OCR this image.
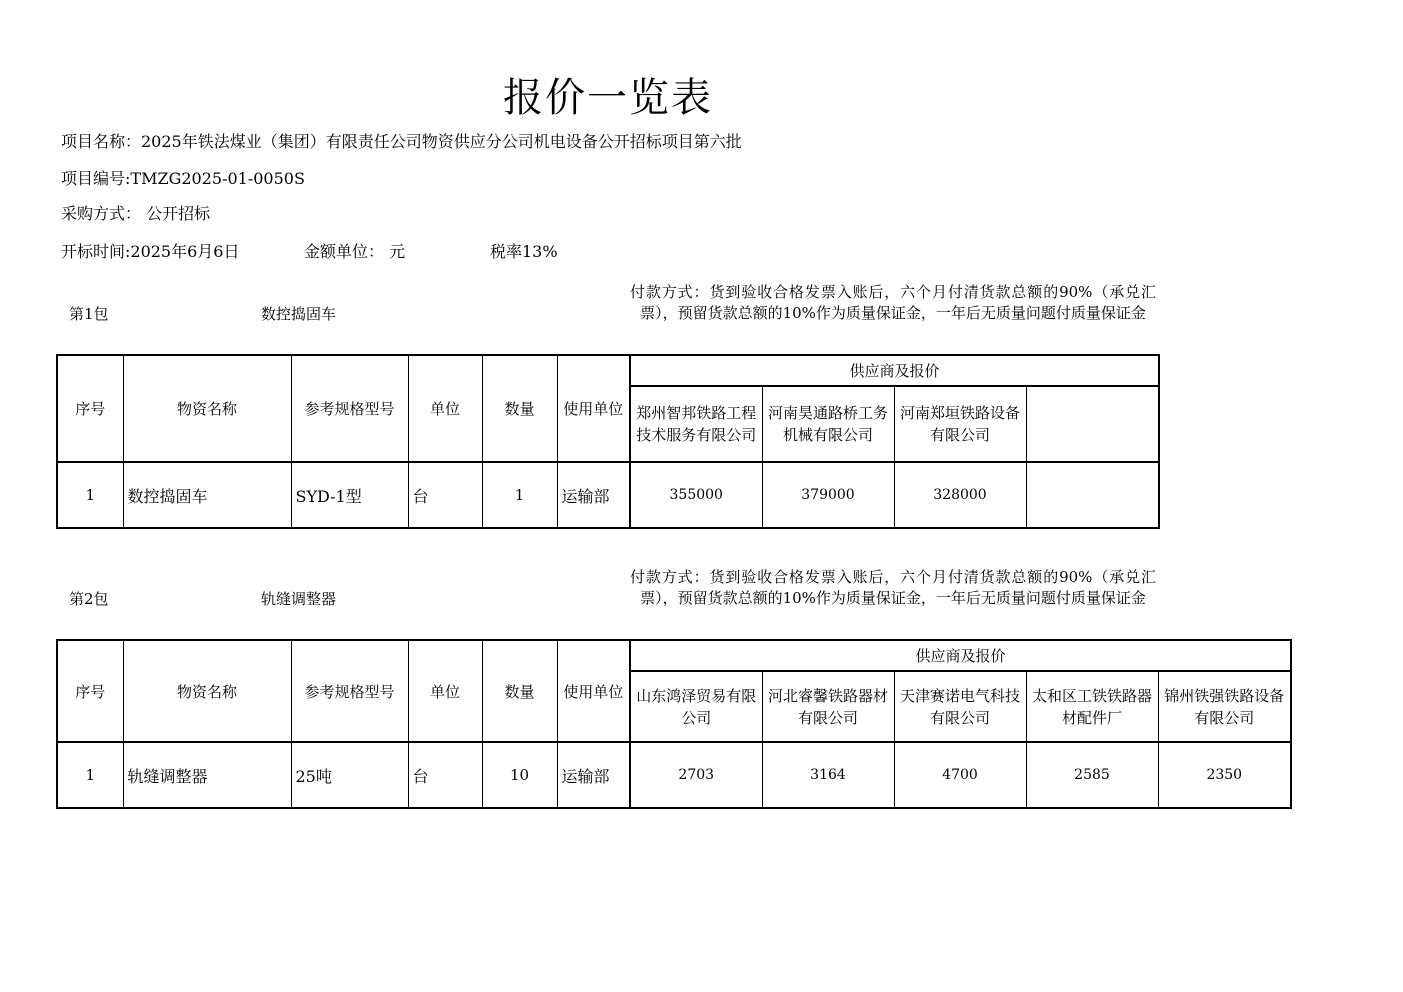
报价一览表
项目名称：2025年铁法煤业（集团）有限责任公司物资供应分公司机电设备公开招标项目第六批
项目编号:TMZG2025-01-0050S
采购方式： 公开招标
开标时间:2025年6月6日	金额单位： 元	税率13%
第1包	数控捣固车
付款方式：货到验收合格发票入账后，六个月付清货款总额的90%（承兑汇票），预留货款总额的10%作为质量保证金，一年后无质量问题付质量保证金
序号	物资名称	参考规格型号	单位	数量	使用单位	供应商及报价			
						郑州智邦铁路工程技术服务有限公司	河南昊通路桥工务机械有限公司	河南郑垣铁路设备有限公司	
1	数控捣固车	SYD-1型	台	1	运输部	355000	379000	328000	
第2包	轨缝调整器
付款方式：货到验收合格发票入账后，六个月付清货款总额的90%（承兑汇票），预留货款总额的10%作为质量保证金，一年后无质量问题付质量保证金
序号	物资名称	参考规格型号	单位	数量	使用单位	供应商及报价				
						山东鸿泽贸易有限公司	河北睿馨铁路器材有限公司	天津赛诺电气科技有限公司	太和区工铁铁路器材配件厂	锦州铁强铁路设备有限公司
1	轨缝调整器	25吨	台	10	运输部	2703	3164	4700	2585	2350
